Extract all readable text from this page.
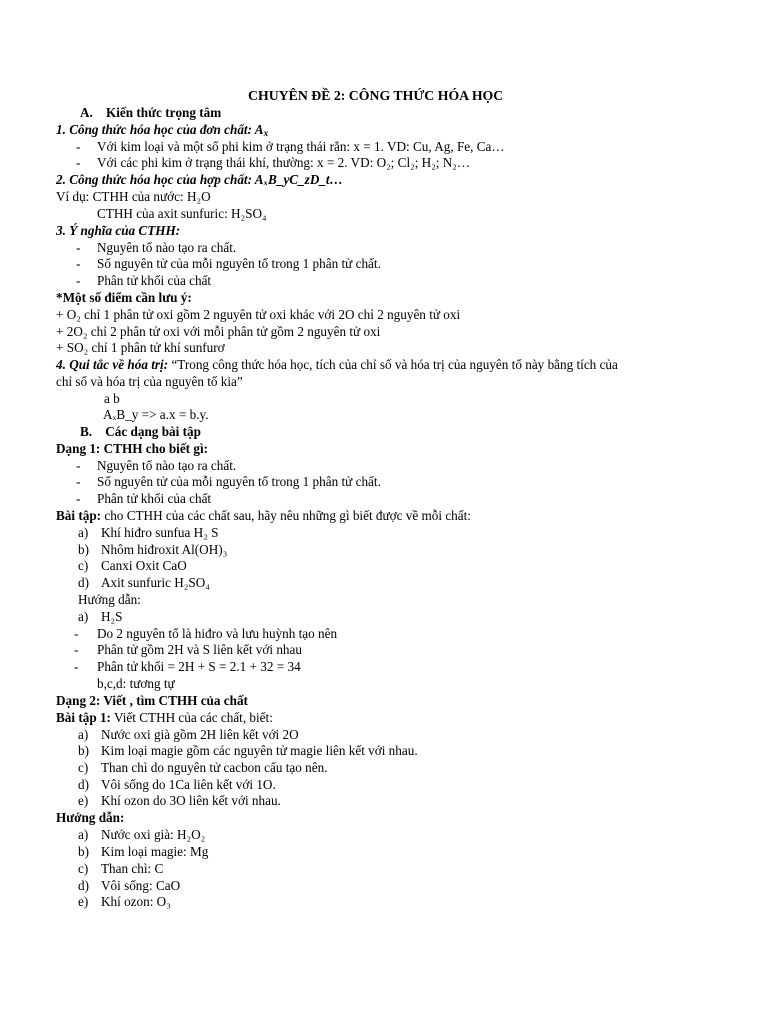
CHUYÊN ĐỀ 2: CÔNG THỨC HÓA HỌC
A. Kiến thức trọng tâm
1. Công thức hóa học của đơn chất: $A_x$
- Với kim loại và một số phi kim ở trạng thái rắn: x = 1. VD: Cu, Ag, Fe, Ca…
- Với các phi kim ở trạng thái khí, thường: x = 2. VD: O₂; Cl₂; H₂; N₂…
2. Công thức hóa học của hợp chất: AₓB_yC_zD_t…
Ví dụ: CTHH của nước: H₂O
CTHH của axit sunfuric: H₂SO₄
3. Ý nghĩa của CTHH:
- Nguyên tố nào tạo ra chất.
- Số nguyên tử của mỗi nguyên tố trong 1 phân tử chất.
- Phân tử khối của chất
*Một số điểm cần lưu ý:
+ O₂ chỉ 1 phân tử oxi gồm 2 nguyên tử oxi khác với 2O chỉ 2 nguyên tử oxi
+ 2O₂ chỉ 2 phân tử oxi với mỗi phân tử gồm 2 nguyên tử oxi
+ SO₂ chỉ 1 phân tử khí sunfurơ
4. Qui tắc về hóa trị: “Trong công thức hóa học, tích của chỉ số và hóa trị của nguyên tố này bằng tích của
chỉ số và hóa trị của nguyên tố kia”
a b
AₓB_y => a.x = b.y.
B. Các dạng bài tập
Dạng 1: CTHH cho biết gì:
- Nguyên tố nào tạo ra chất.
- Số nguyên tử của mỗi nguyên tố trong 1 phân tử chất.
- Phân tử khối của chất
Bài tập: cho CTHH của các chất sau, hãy nêu những gì biết được về mỗi chất:
a) Khí hiđro sunfua H₂ S
b) Nhôm hiđroxit Al(OH)₃
c) Canxi Oxit CaO
d) Axit sunfuric H₂SO₄
Hướng dẫn:
a) H₂S
- Do 2 nguyên tố là hiđro và lưu huỳnh tạo nên
- Phân tử gồm 2H và S liên kết với nhau
- Phân tử khối = 2H + S = 2.1 + 32 = 34
b,c,d: tương tự
Dạng 2: Viết , tìm CTHH của chất
Bài tập 1: Viết CTHH của các chất, biết:
a) Nước oxi già gồm 2H liên kết với 2O
b) Kim loại magie gồm các nguyên tử magie liên kết với nhau.
c) Than chì do nguyên tử cacbon cấu tạo nên.
d) Vôi sống do 1Ca liên kết với 1O.
e) Khí ozon do 3O liên kết với nhau.
Hướng dẫn:
a) Nước oxi già: H₂O₂
b) Kim loại magie: Mg
c) Than chì: C
d) Vôi sống: CaO
e) Khí ozon: O₃
